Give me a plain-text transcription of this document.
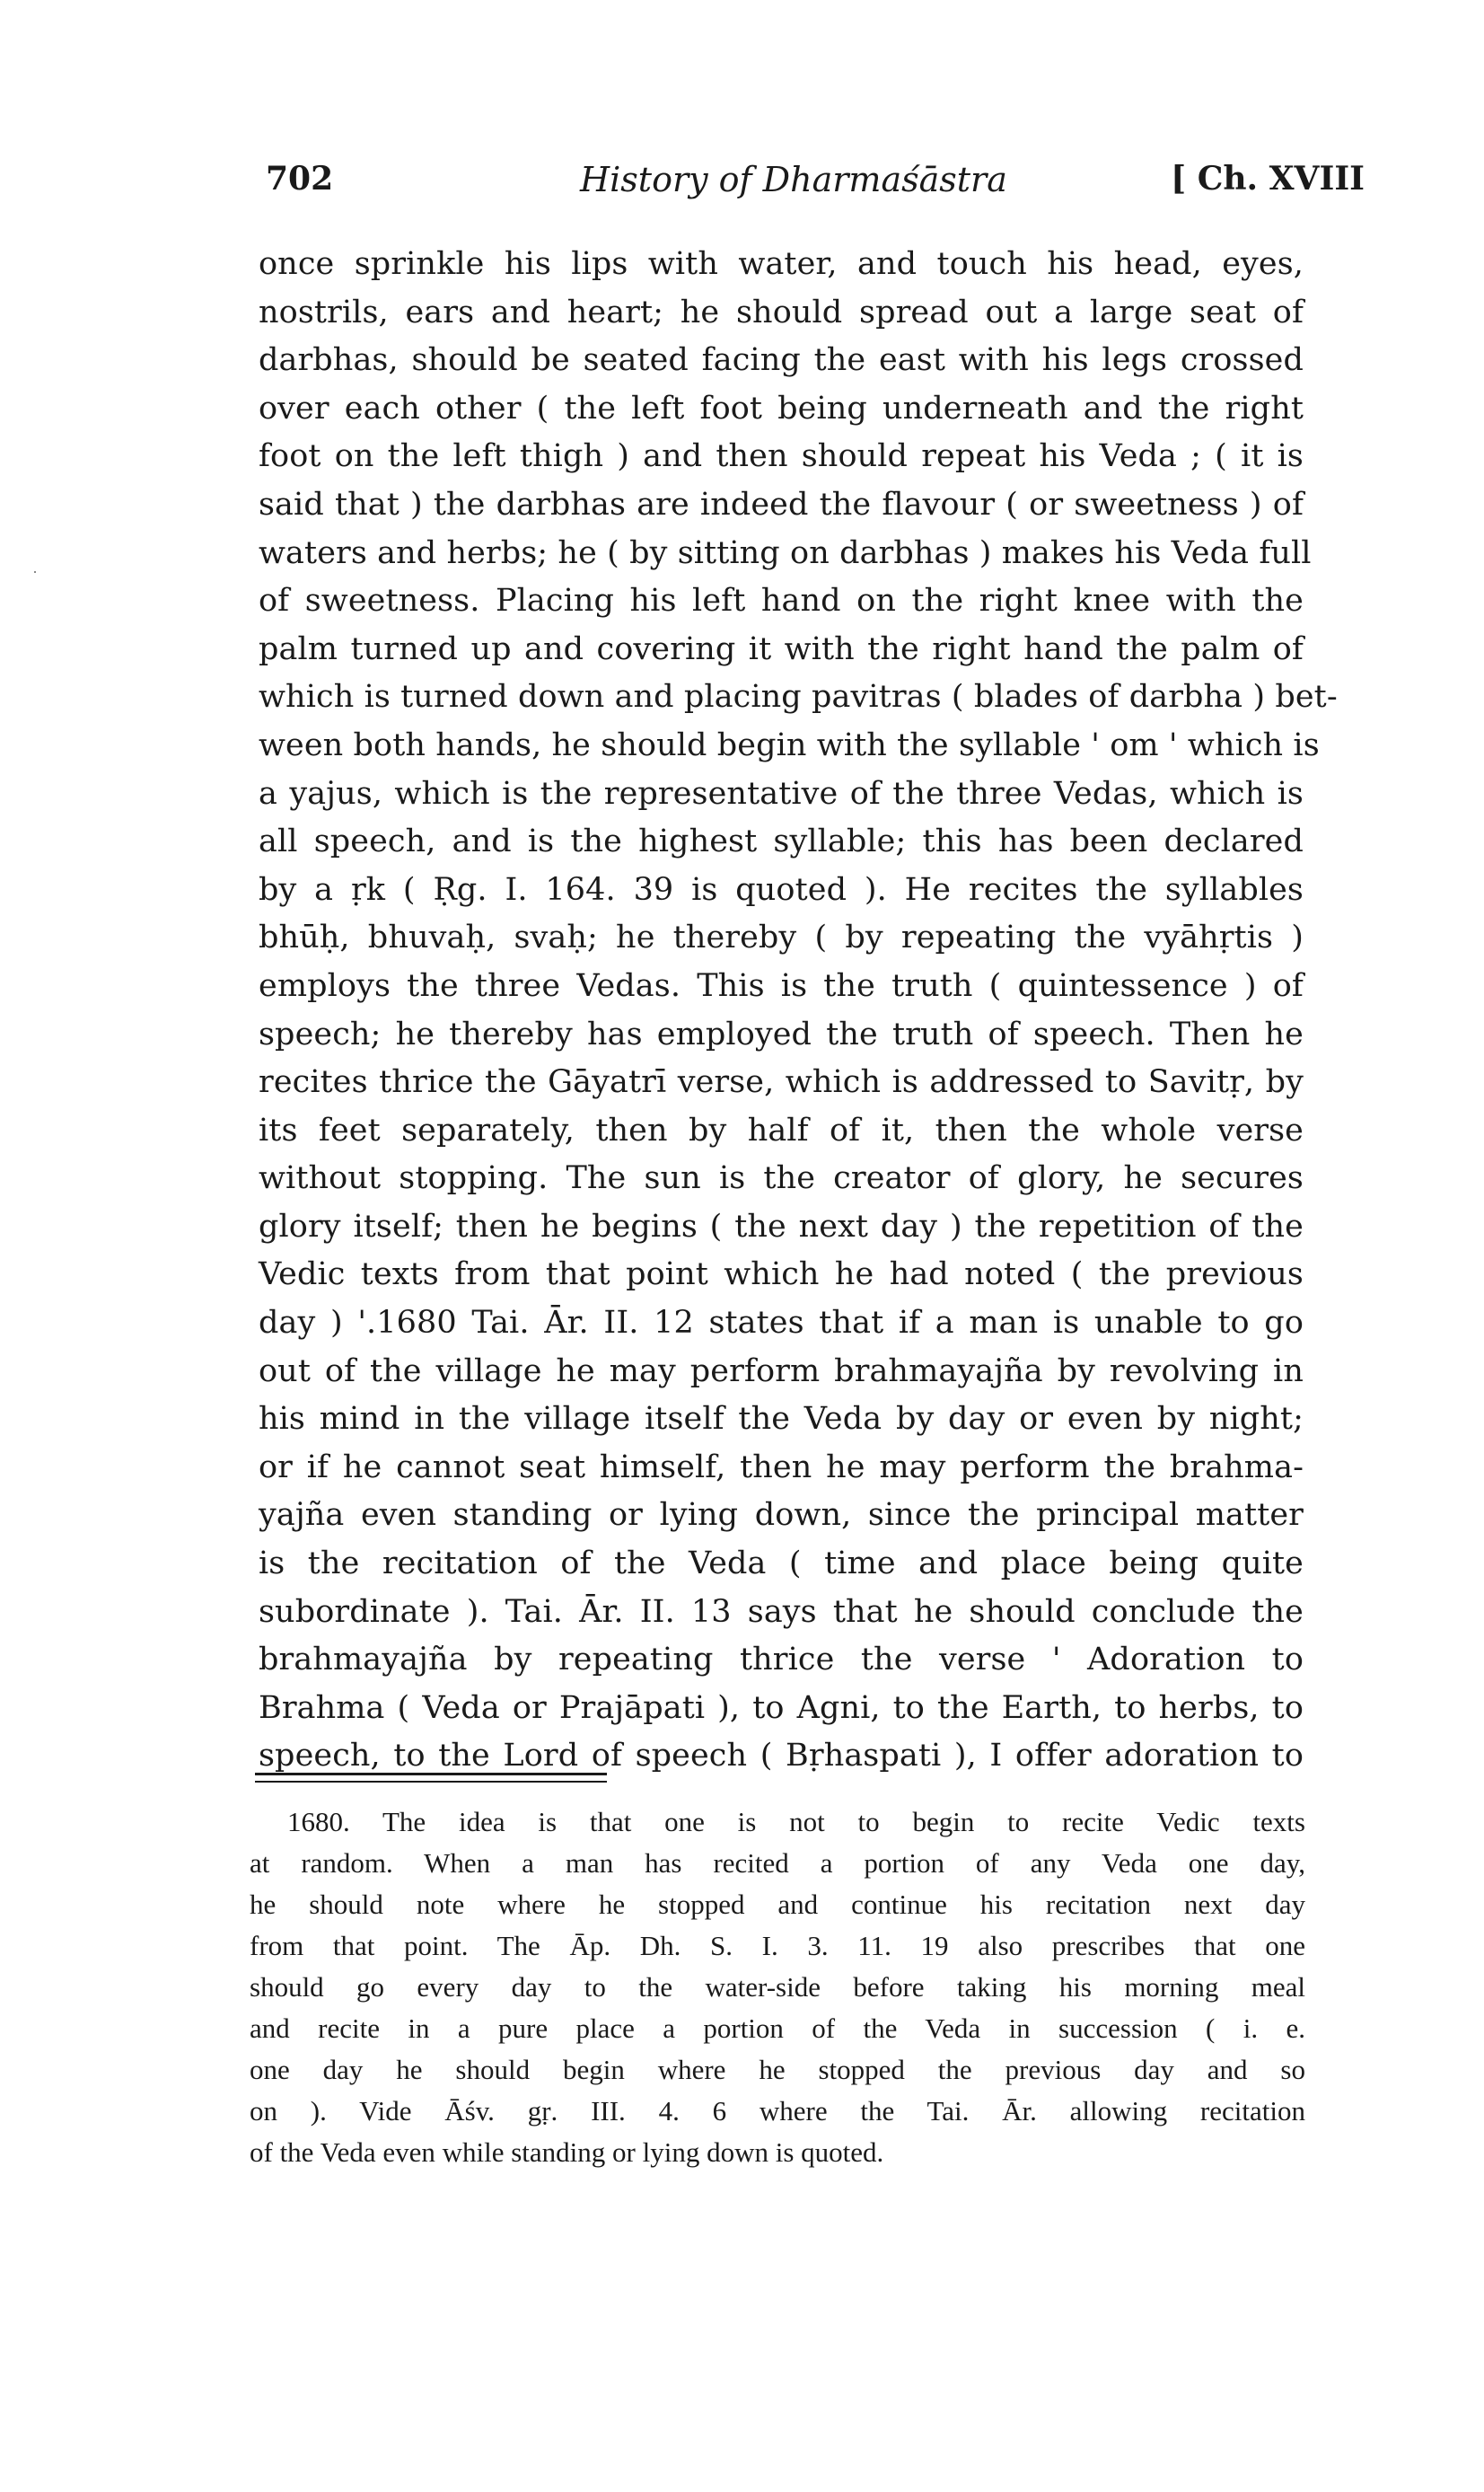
702	History of Dharmaśāstra	[ Ch. XVIII
once sprinkle his lips with water, and touch his head, eyes,
nostrils, ears and heart; he should spread out a large seat of
darbhas, should be seated facing the east with his legs crossed
over each other ( the left foot being underneath and the right
foot on the left thigh ) and then should repeat his Veda ; ( it is
said that ) the darbhas are indeed the flavour ( or sweetness ) of
waters and herbs; he ( by sitting on darbhas ) makes his Veda full
of sweetness. Placing his left hand on the right knee with the
palm turned up and covering it with the right hand the palm of
which is turned down and placing pavitras ( blades of darbha ) bet-
ween both hands, he should begin with the syllable ' om ' which is
a yajus, which is the representative of the three Vedas, which is
all speech, and is the highest syllable; this has been declared
by a ṛk ( Ṛg. I. 164. 39 is quoted ). He recites the syllables
bhūḥ, bhuvaḥ, svaḥ; he thereby ( by repeating the vyāhṛtis )
employs the three Vedas. This is the truth ( quintessence ) of
speech; he thereby has employed the truth of speech. Then he
recites thrice the Gāyatrī verse, which is addressed to Savitṛ, by
its feet separately, then by half of it, then the whole verse
without stopping. The sun is the creator of glory, he secures
glory itself; then he begins ( the next day ) the repetition of the
Vedic texts from that point which he had noted ( the previous
day ) '.1680 Tai. Ār. II. 12 states that if a man is unable to go
out of the village he may perform brahmayajña by revolving in
his mind in the village itself the Veda by day or even by night;
or if he cannot seat himself, then he may perform the brahma-
yajña even standing or lying down, since the principal matter
is the recitation of the Veda ( time and place being quite
subordinate ). Tai. Ār. II. 13 says that he should conclude the
brahmayajña by repeating thrice the verse ' Adoration to
Brahma ( Veda or Prajāpati ), to Agni, to the Earth, to herbs, to
speech, to the Lord of speech ( Bṛhaspati ), I offer adoration to
1680. The idea is that one is not to begin to recite Vedic texts
at random. When a man has recited a portion of any Veda one day,
he should note where he stopped and continue his recitation next day
from that point. The Āp. Dh. S. I. 3. 11. 19 also prescribes that one
should go every day to the water-side before taking his morning meal
and recite in a pure place a portion of the Veda in succession ( i. e.
one day he should begin where he stopped the previous day and so
on ). Vide Āśv. gṛ. III. 4. 6 where the Tai. Ār. allowing recitation
of the Veda even while standing or lying down is quoted.
